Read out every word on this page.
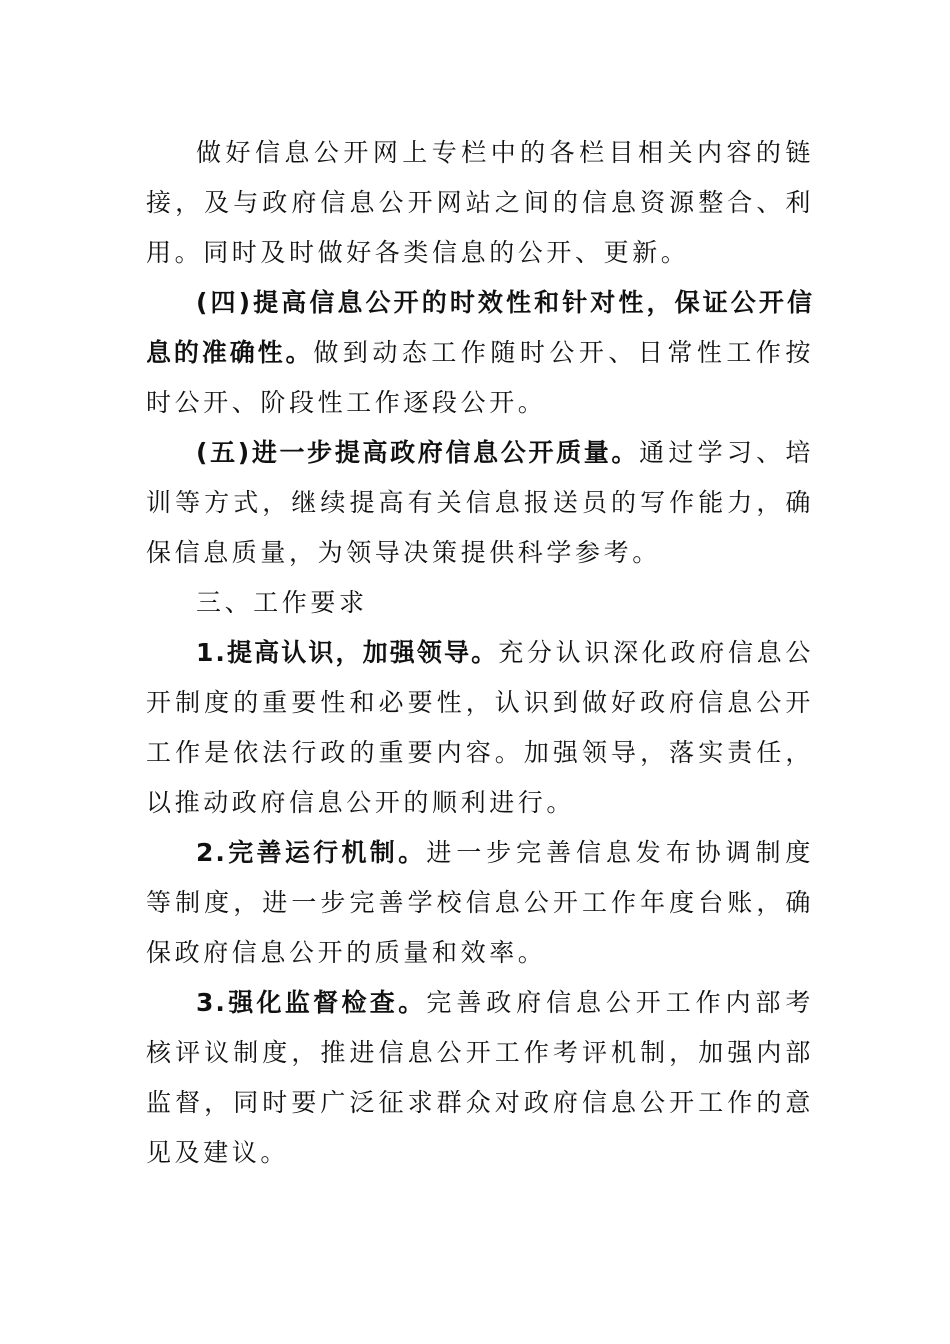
做好信息公开网上专栏中的各栏目相关内容的链接，及与政府信息公开网站之间的信息资源整合、利用。同时及时做好各类信息的公开、更新。

(四)提高信息公开的时效性和针对性，保证公开信息的准确性。做到动态工作随时公开、日常性工作按时公开、阶段性工作逐段公开。

(五)进一步提高政府信息公开质量。通过学习、培训等方式，继续提高有关信息报送员的写作能力，确保信息质量，为领导决策提供科学参考。

三、工作要求

1.提高认识，加强领导。充分认识深化政府信息公开制度的重要性和必要性，认识到做好政府信息公开工作是依法行政的重要内容。加强领导，落实责任，以推动政府信息公开的顺利进行。

2.完善运行机制。进一步完善信息发布协调制度等制度，进一步完善学校信息公开工作年度台账，确保政府信息公开的质量和效率。

3.强化监督检查。完善政府信息公开工作内部考核评议制度，推进信息公开工作考评机制，加强内部监督，同时要广泛征求群众对政府信息公开工作的意见及建议。
